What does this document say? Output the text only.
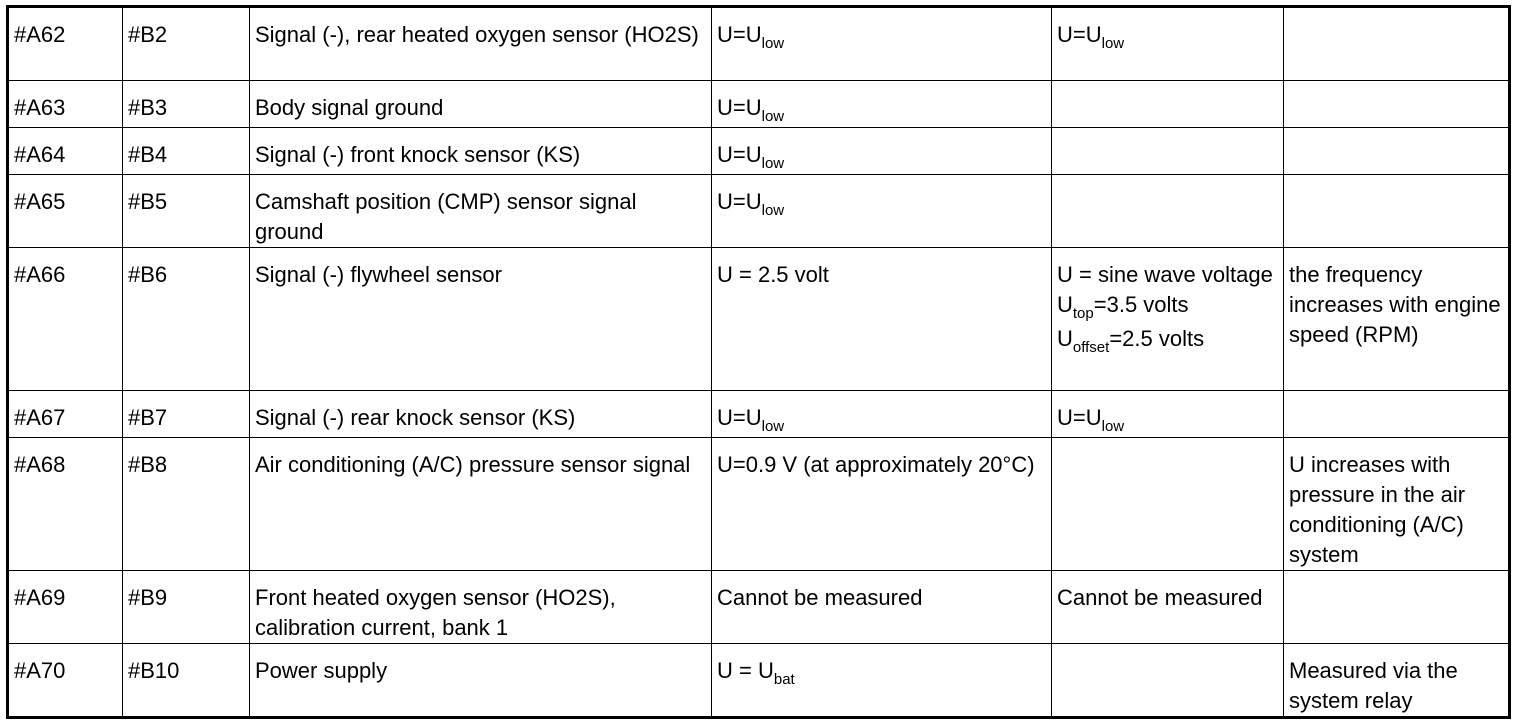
#A62	#B2	Signal (-), rear heated oxygen sensor (HO2S)	$U=U_{low}$	$U=U_{low}$	
#A63	#B3	Body signal ground	$U=U_{low}$		
#A64	#B4	Signal (-) front knock sensor (KS)	$U=U_{low}$		
#A65	#B5	Camshaft position (CMP) sensor signal ground	$U=U_{low}$		
#A66	#B6	Signal (-) flywheel sensor	U = 2.5 volt	U = sine wave voltage
$U_{top}=3.5$ volts
$U_{offset}=2.5$ volts	the frequency increases with engine speed (RPM)
#A67	#B7	Signal (-) rear knock sensor (KS)	$U=U_{low}$	$U=U_{low}$	
#A68	#B8	Air conditioning (A/C) pressure sensor signal	U=0.9 V (at approximately 20°C)		U increases with pressure in the air conditioning (A/C) system
#A69	#B9	Front heated oxygen sensor (HO2S), calibration current, bank 1	Cannot be measured	Cannot be measured	
#A70	#B10	Power supply	$U = U_{bat}$		Measured via the system relay
